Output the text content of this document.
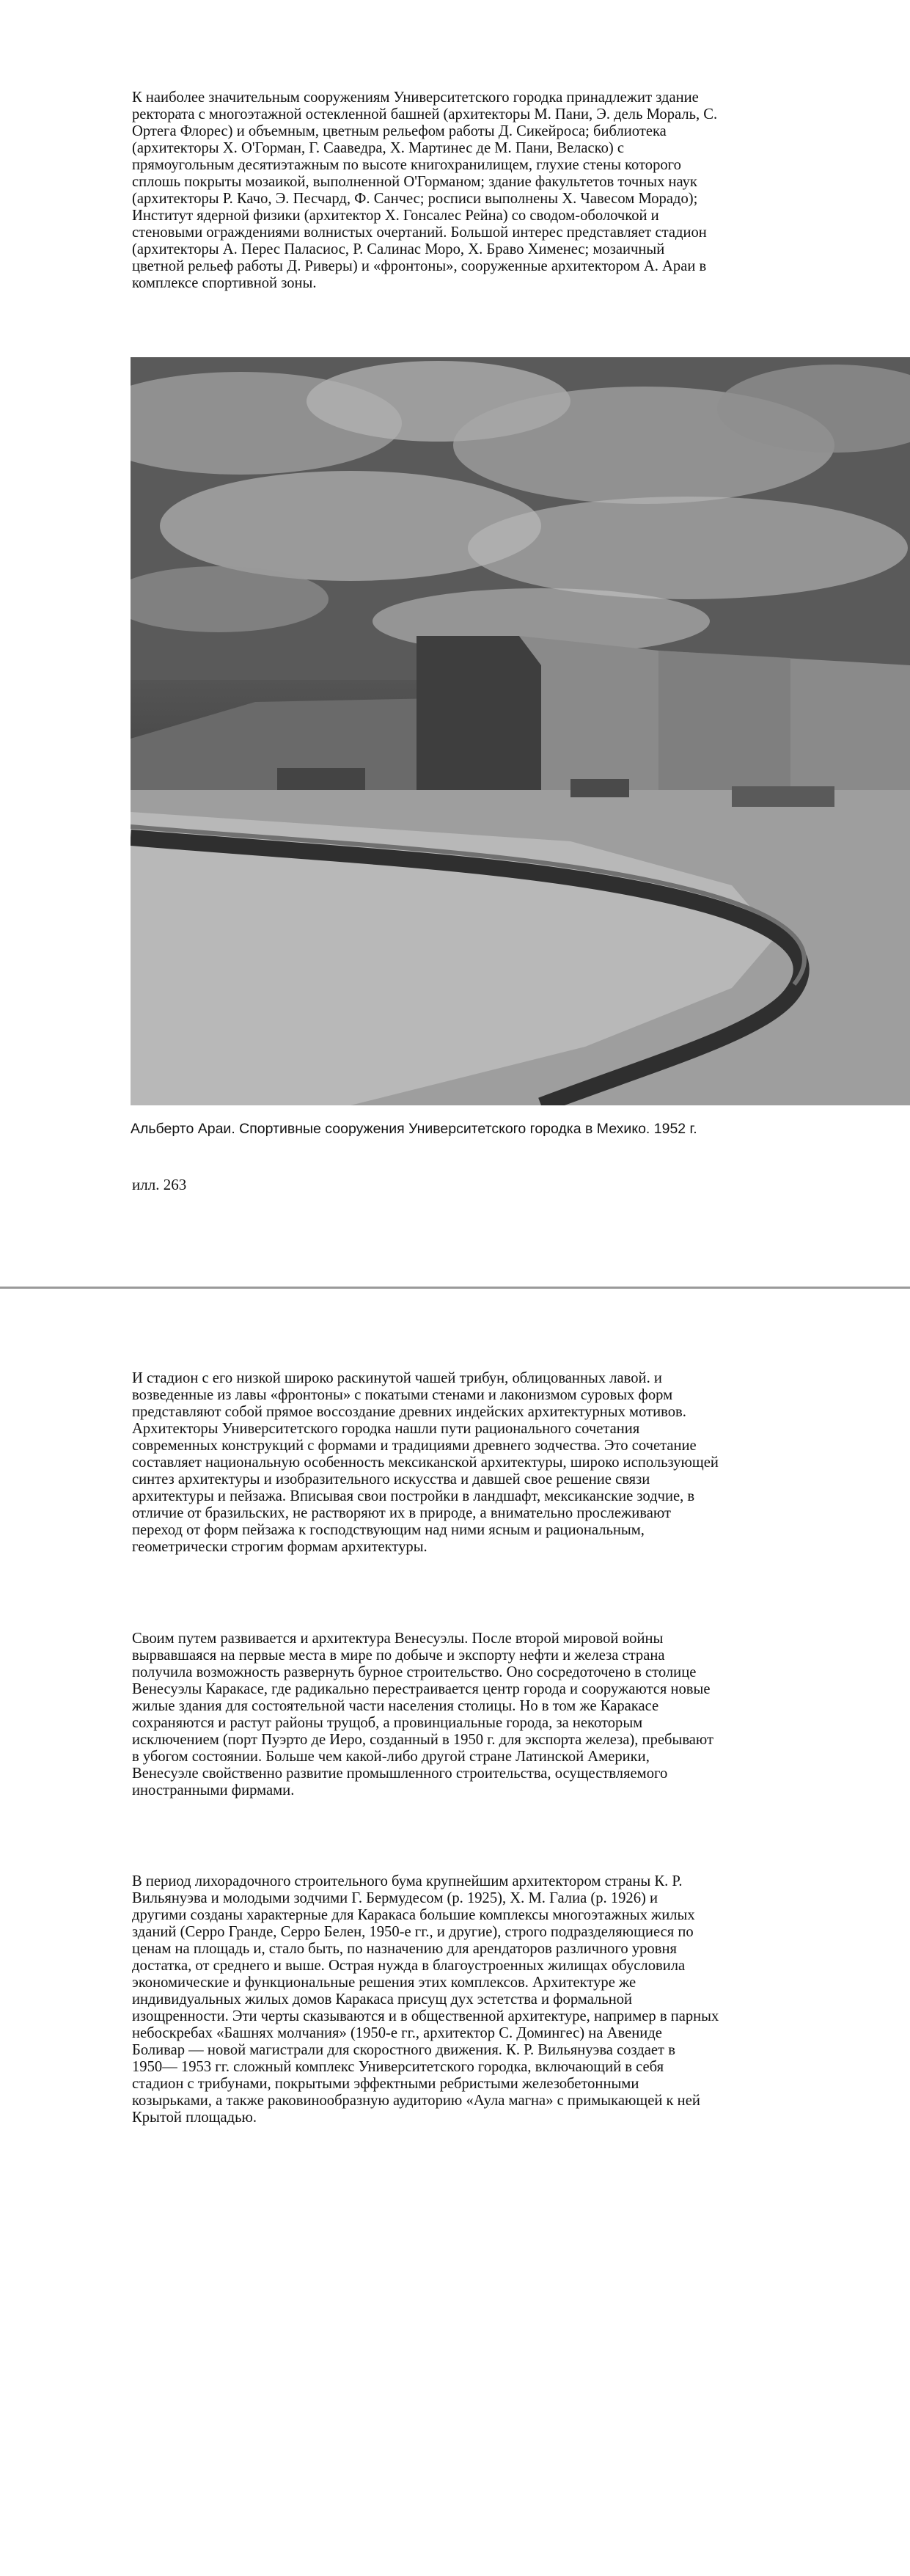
К наиболее значительным сооружениям Университетского городка принадлежит здание
ректората с многоэтажной остекленной башней (архитекторы М. Пани, Э. дель Мораль, С.
Ортега Флорес) и объемным, цветным рельефом работы Д. Сикейроса; библиотека
(архитекторы Х. О'Горман, Г. Сааведра, Х. Мартинес де М. Пани, Веласко) с
прямоугольным десятиэтажным по высоте книгохранилищем, глухие стены которого
сплошь покрыты мозаикой, выполненной О'Горманом; здание факультетов точных наук
(архитекторы Р. Качо, Э. Песчард, Ф. Санчес; росписи выполнены Х. Чавесом Морадо);
Институт ядерной физики (архитектор Х. Гонсалес Рейна) со сводом-оболочкой и
стеновыми ограждениями волнистых очертаний. Большой интерес представляет стадион
(архитекторы А. Перес Паласиос, Р. Салинас Моро, Х. Браво Хименес; мозаичный
цветной рельеф работы Д. Риверы) и «фронтоны», сооруженные архитектором А. Араи в
комплексе спортивной зоны.

Альберто Араи. Спортивные сооружения Университетского городка в Мехико. 1952 г.

илл. 263

И стадион с его низкой широко раскинутой чашей трибун, облицованных лавой. и
возведенные из лавы «фронтоны» с покатыми стенами и лаконизмом суровых форм
представляют собой прямое воссоздание древних индейских архитектурных мотивов.
Архитекторы Университетского городка нашли пути рационального сочетания
современных конструкций с формами и традициями древнего зодчества. Это сочетание
составляет национальную особенность мексиканской архитектуры, широко использующей
синтез архитектуры и изобразительного искусства и давшей свое решение связи
архитектуры и пейзажа. Вписывая свои постройки в ландшафт, мексиканские зодчие, в
отличие от бразильских, не растворяют их в природе, а внимательно прослеживают
переход от форм пейзажа к господствующим над ними ясным и рациональным,
геометрически строгим формам архитектуры.

Своим путем развивается и архитектура Венесуэлы. После второй мировой войны
вырвавшаяся на первые места в мире по добыче и экспорту нефти и железа страна
получила возможность развернуть бурное строительство. Оно сосредоточено в столице
Венесуэлы Каракасе, где радикально перестраивается центр города и сооружаются новые
жилые здания для состоятельной части населения столицы. Но в том же Каракасе
сохраняются и растут районы трущоб, а провинциальные города, за некоторым
исключением (порт Пуэрто де Иеро, созданный в 1950 г. для экспорта железа), пребывают
в убогом состоянии. Больше чем какой-либо другой стране Латинской Америки,
Венесуэле свойственно развитие промышленного строительства, осуществляемого
иностранными фирмами.

В период лихорадочного строительного бума крупнейшим архитектором страны К. Р.
Вильянуэва и молодыми зодчими Г. Бермудесом (р. 1925), Х. М. Галиа (р. 1926) и
другими созданы характерные для Каракаса большие комплексы многоэтажных жилых
зданий (Серро Гранде, Серро Белен, 1950-е гг., и другие), строго подразделяющиеся по
ценам на площадь и, стало быть, по назначению для арендаторов различного уровня
достатка, от среднего и выше. Острая нужда в благоустроенных жилищах обусловила
экономические и функциональные решения этих комплексов. Архитектуре же
индивидуальных жилых домов Каракаса присущ дух эстетства и формальной
изощренности. Эти черты сказываются и в общественной архитектуре, например в парных
небоскребах «Башнях молчания» (1950-е гг., архитектор С. Домингес) на Авениде
Боливар — новой магистрали для скоростного движения. К. Р. Вильянуэва создает в
1950— 1953 гг. сложный комплекс Университетского городка, включающий в себя
стадион с трибунами, покрытыми эффектными ребристыми железобетонными
козырьками, а также раковинообразную аудиторию «Аула магна» с примыкающей к ней
Крытой площадью.
